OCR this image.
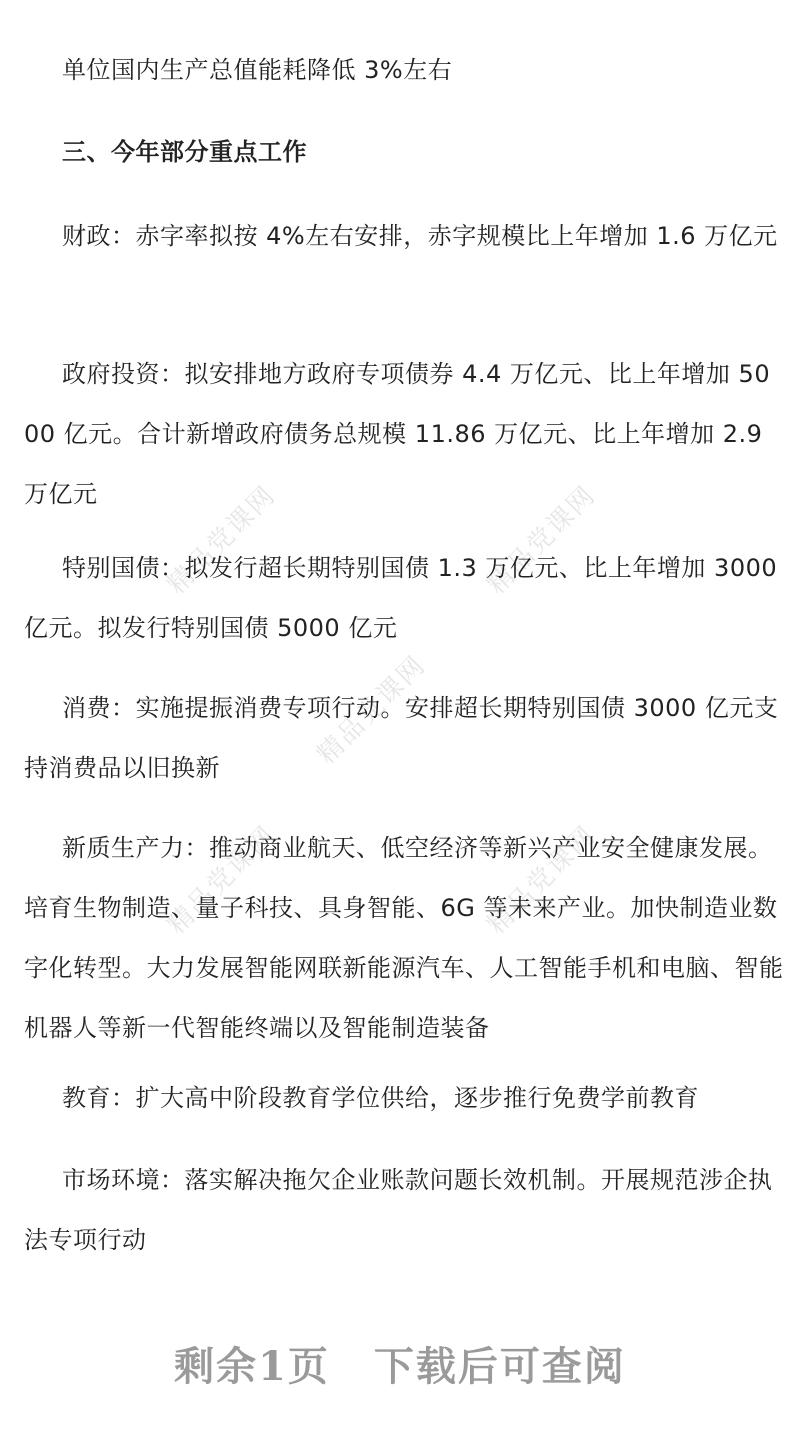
精品党课网	精品党课网
精品党课网
精品党课网	精品党课网

单位国内生产总值能耗降低 3%左右

三、今年部分重点工作

财政：赤字率拟按 4%左右安排，赤字规模比上年增加 1.6 万亿元

政府投资：拟安排地方政府专项债券 4.4 万亿元、比上年增加 5000 亿元。合计新增政府债务总规模 11.86 万亿元、比上年增加 2.9 万亿元

特别国债：拟发行超长期特别国债 1.3 万亿元、比上年增加 3000 亿元。拟发行特别国债 5000 亿元

消费：实施提振消费专项行动。安排超长期特别国债 3000 亿元支持消费品以旧换新

新质生产力：推动商业航天、低空经济等新兴产业安全健康发展。培育生物制造、量子科技、具身智能、6G 等未来产业。加快制造业数字化转型。大力发展智能网联新能源汽车、人工智能手机和电脑、智能机器人等新一代智能终端以及智能制造装备

教育：扩大高中阶段教育学位供给，逐步推行免费学前教育

市场环境：落实解决拖欠企业账款问题长效机制。开展规范涉企执法专项行动

剩余1页 下载后可查阅
